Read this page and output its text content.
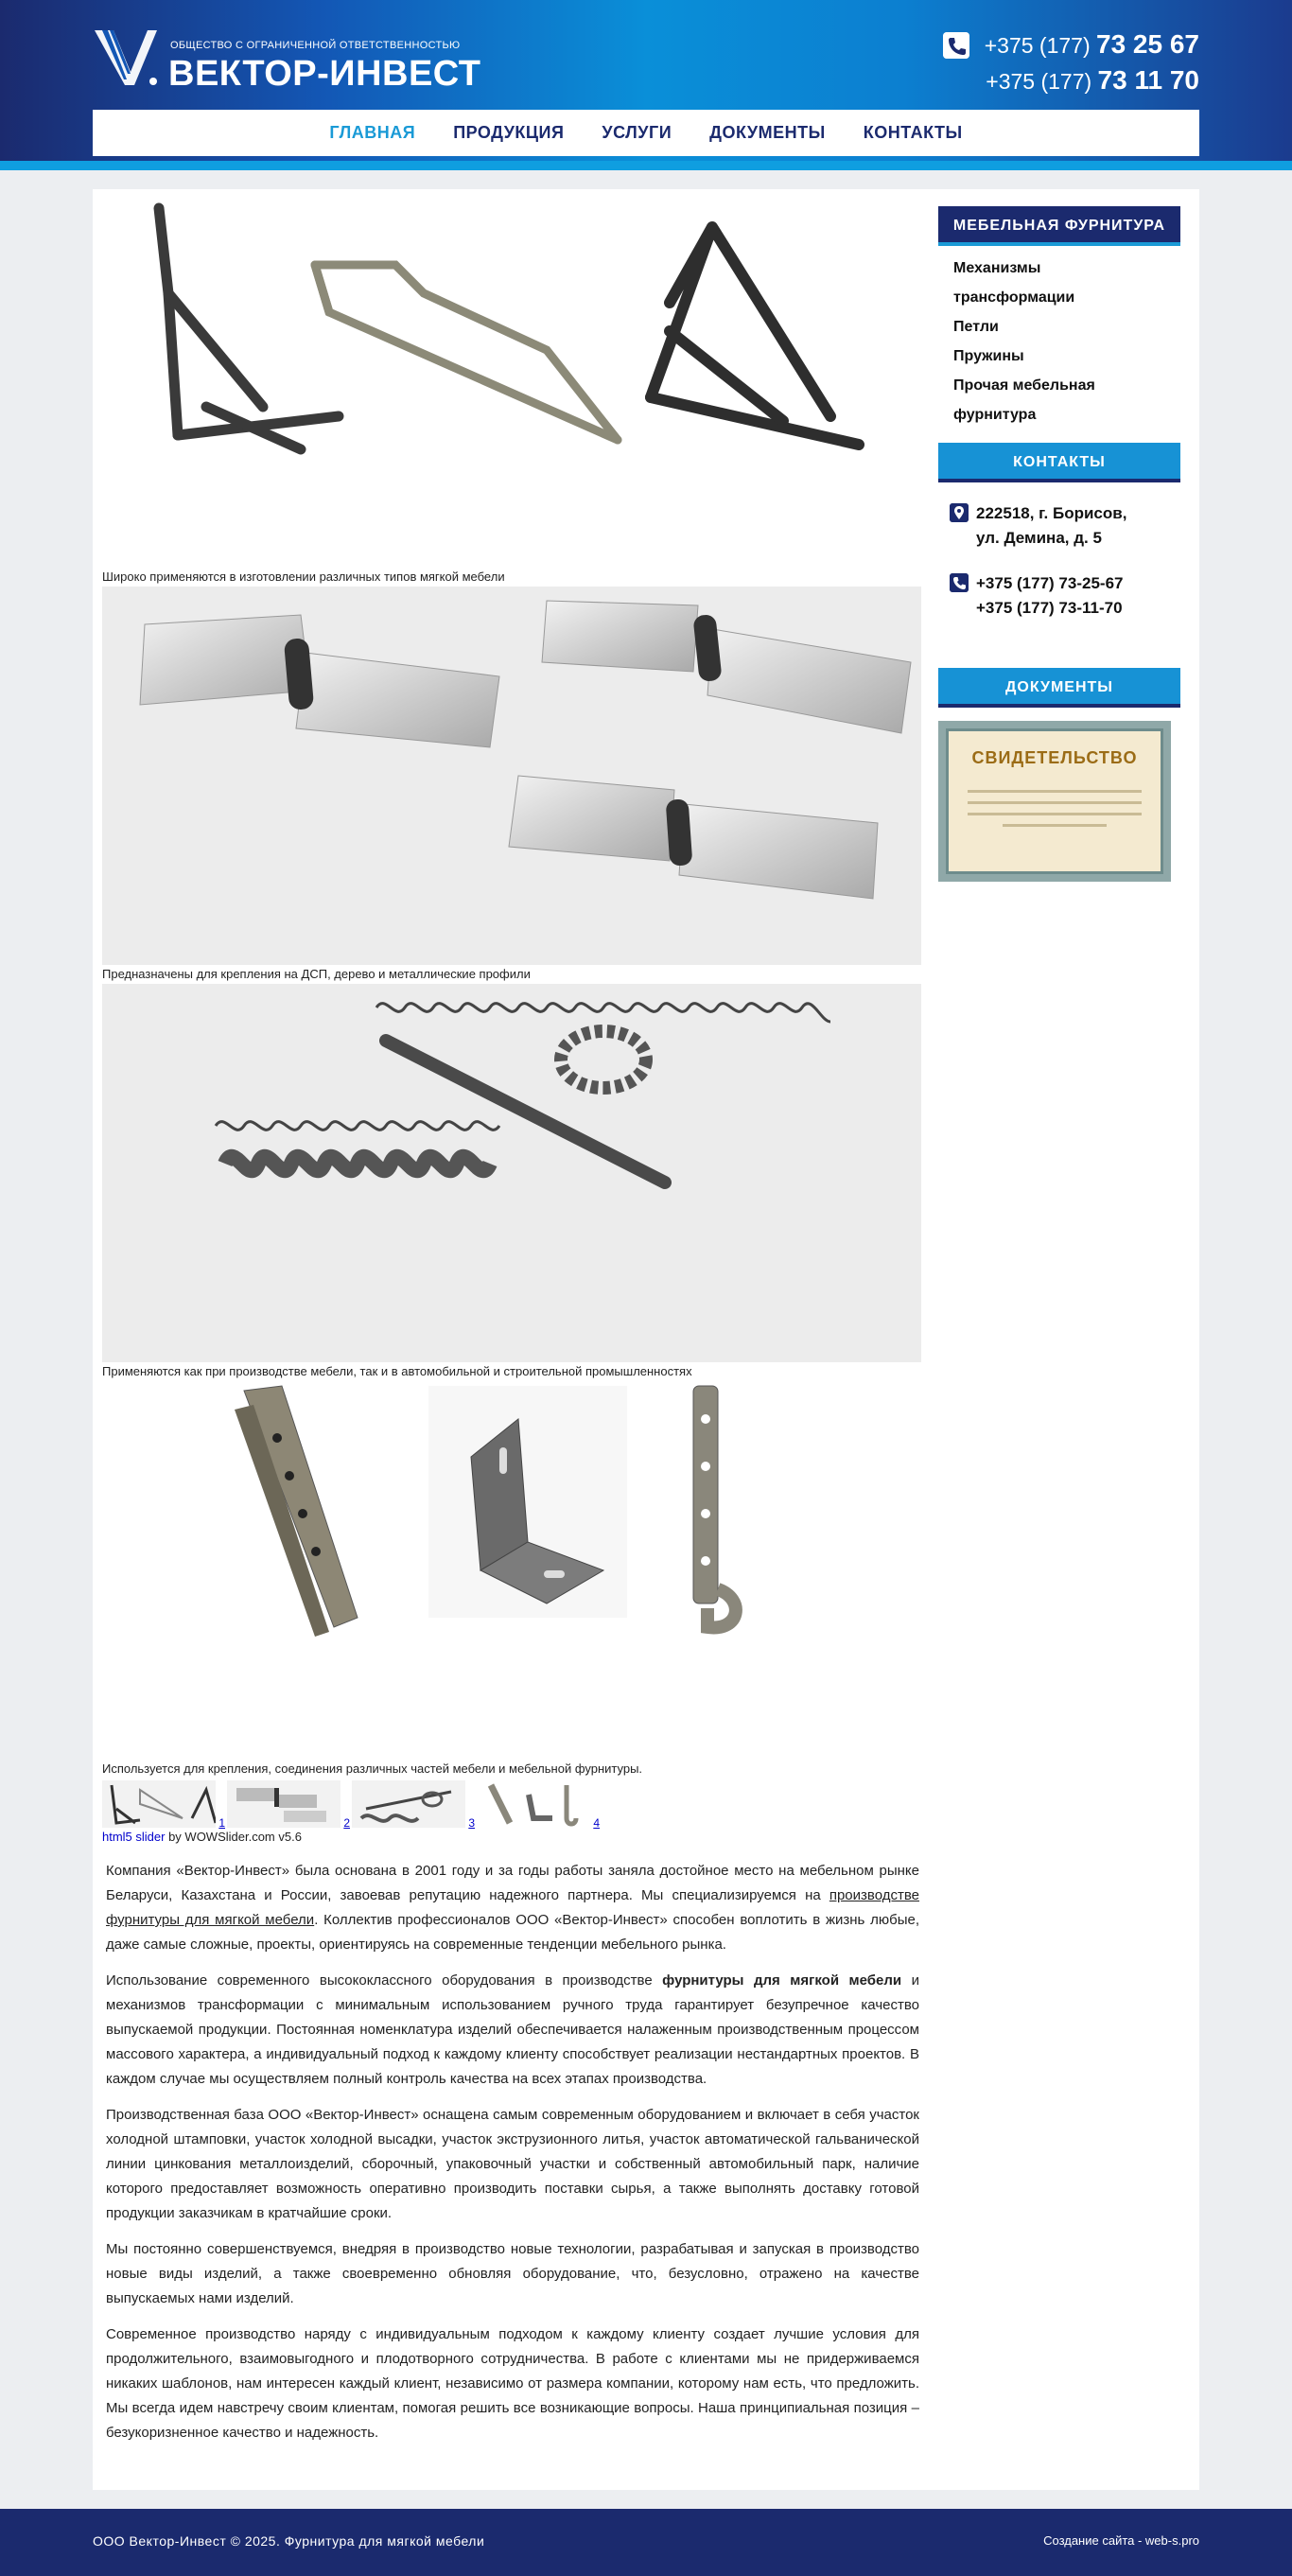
ОБЩЕСТВО С ОГРАНИЧЕННОЙ ОТВЕТСТВЕННОСТЬЮ
ВЕКТОР-ИНВЕСТ
+375 (177) 73 25 67
+375 (177) 73 11 70
ГЛАВНАЯ	ПРОДУКЦИЯ	УСЛУГИ	ДОКУМЕНТЫ	КОНТАКТЫ
Широко применяются в изготовлении различных типов мягкой мебели
Предназначены для крепления на ДСП, дерево и металлические профили
Применяются как при производстве мебели, так и в автомобильной и строительной промышленностях
Используется для крепления, соединения различных частей мебели и мебельной фурнитуры.
1	2	3	4
html5 slider by WOWSlider.com v5.6

Компания «Вектор-Инвест» была основана в 2001 году и за годы работы заняла достойное место на мебельном рынке Беларуси, Казахстана и России, завоевав репутацию надежного партнера. Мы специализируемся на производстве фурнитуры для мягкой мебели. Коллектив профессионалов ООО «Вектор-Инвест» способен воплотить в жизнь любые, даже самые сложные, проекты, ориентируясь на современные тенденции мебельного рынка.

Использование современного высококлассного оборудования в производстве фурнитуры для мягкой мебели и механизмов трансформации с минимальным использованием ручного труда гарантирует безупречное качество выпускаемой продукции. Постоянная номенклатура изделий обеспечивается налаженным производственным процессом массового характера, а индивидуальный подход к каждому клиенту способствует реализации нестандартных проектов. В каждом случае мы осуществляем полный контроль качества на всех этапах производства.

Производственная база ООО «Вектор-Инвест» оснащена самым современным оборудованием и включает в себя участок холодной штамповки, участок холодной высадки, участок экструзионного литья, участок автоматической гальванической линии цинкования металлоизделий, сборочный, упаковочный участки и собственный автомобильный парк, наличие которого предоставляет возможность оперативно производить поставки сырья, а также выполнять доставку готовой продукции заказчикам в кратчайшие сроки.

Мы постоянно совершенствуемся, внедряя в производство новые технологии, разрабатывая и запуская в производство новые виды изделий, а также своевременно обновляя оборудование, что, безусловно, отражено на качестве выпускаемых нами изделий.

Современное производство наряду с индивидуальным подходом к каждому клиенту создает лучшие условия для продолжительного, взаимовыгодного и плодотворного сотрудничества. В работе с клиентами мы не придерживаемся никаких шаблонов, нам интересен каждый клиент, независимо от размера компании, которому нам есть, что предложить. Мы всегда идем навстречу своим клиентам, помогая решить все возникающие вопросы. Наша принципиальная позиция – безукоризненное качество и надежность.

МЕБЕЛЬНАЯ ФУРНИТУРА
Механизмы трансформации
Петли
Пружины
Прочая мебельная
фурнитура
КОНТАКТЫ
222518, г. Борисов,
ул. Демина, д. 5
+375 (177) 73-25-67
+375 (177) 73-11-70
ДОКУМЕНТЫ
СВИДЕТЕЛЬСТВО
ООО Вектор-Инвест © 2025. Фурнитура для мягкой мебели	Создание сайта - web-s.pro
